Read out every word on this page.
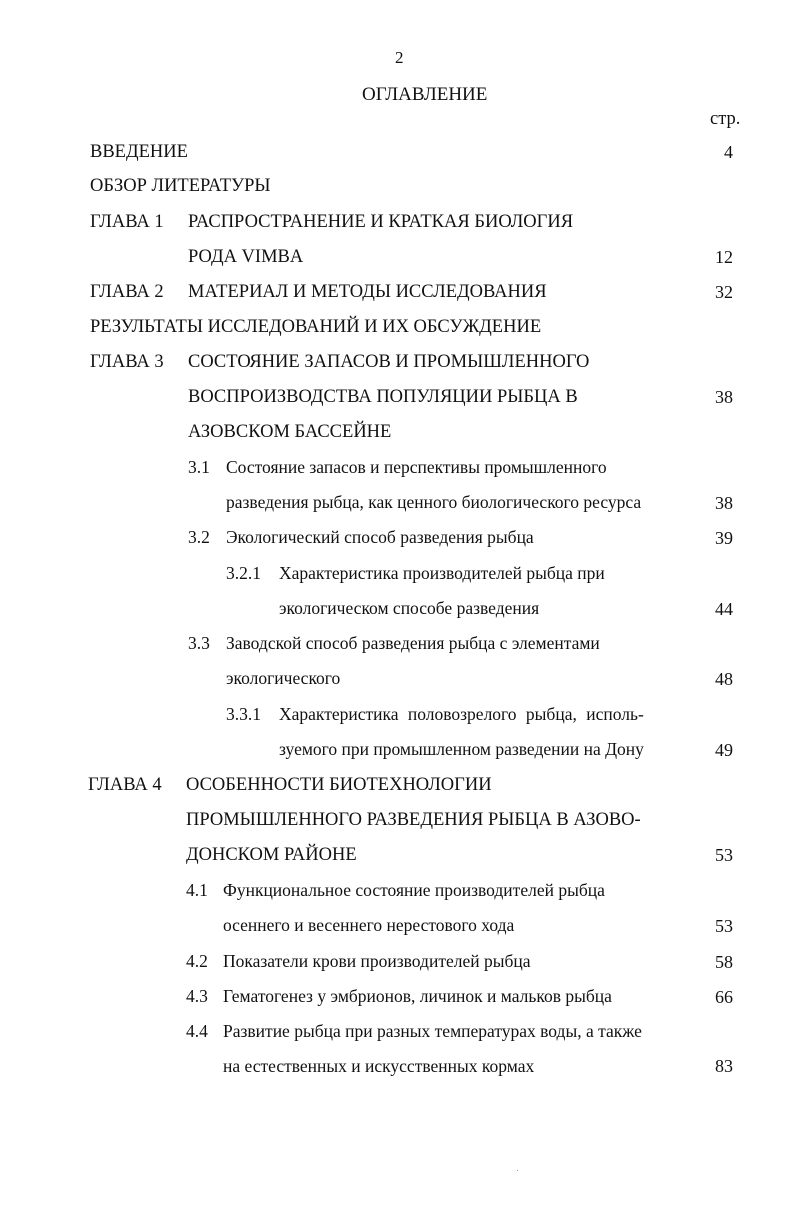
2
ОГЛАВЛЕНИЕ
стр.
ВВЕДЕНИЕ	4
ОБЗОР ЛИТЕРАТУРЫ
ГЛАВА 1 РАСПРОСТРАНЕНИЕ И КРАТКАЯ БИОЛОГИЯ
РОДА VIMBA	12
ГЛАВА 2 МАТЕРИАЛ И МЕТОДЫ ИССЛЕДОВАНИЯ	32
РЕЗУЛЬТАТЫ ИССЛЕДОВАНИЙ И ИХ ОБСУЖДЕНИЕ
ГЛАВА 3 СОСТОЯНИЕ ЗАПАСОВ И ПРОМЫШЛЕННОГО
ВОСПРОИЗВОДСТВА ПОПУЛЯЦИИ РЫБЦА В	38
АЗОВСКОМ БАССЕЙНЕ
3.1 Состояние запасов и перспективы промышленного
разведения рыбца, как ценного биологического ресурса	38
3.2 Экологический способ разведения рыбца	39
3.2.1 Характеристика производителей рыбца при
экологическом способе разведения	44
3.3 Заводской способ разведения рыбца с элементами
экологического	48
3.3.1 Характеристика половозрелого рыбца, исполь-
зуемого при промышленном разведении на Дону	49
ГЛАВА 4 ОСОБЕННОСТИ БИОТЕХНОЛОГИИ
ПРОМЫШЛЕННОГО РАЗВЕДЕНИЯ РЫБЦА В АЗОВО-
ДОНСКОМ РАЙОНЕ	53
4.1 Функциональное состояние производителей рыбца
осеннего и весеннего нерестового хода	53
4.2 Показатели крови производителей рыбца	58
4.3 Гематогенез у эмбрионов, личинок и мальков рыбца	66
4.4 Развитие рыбца при разных температурах воды, а также
на естественных и искусственных кормах	83
